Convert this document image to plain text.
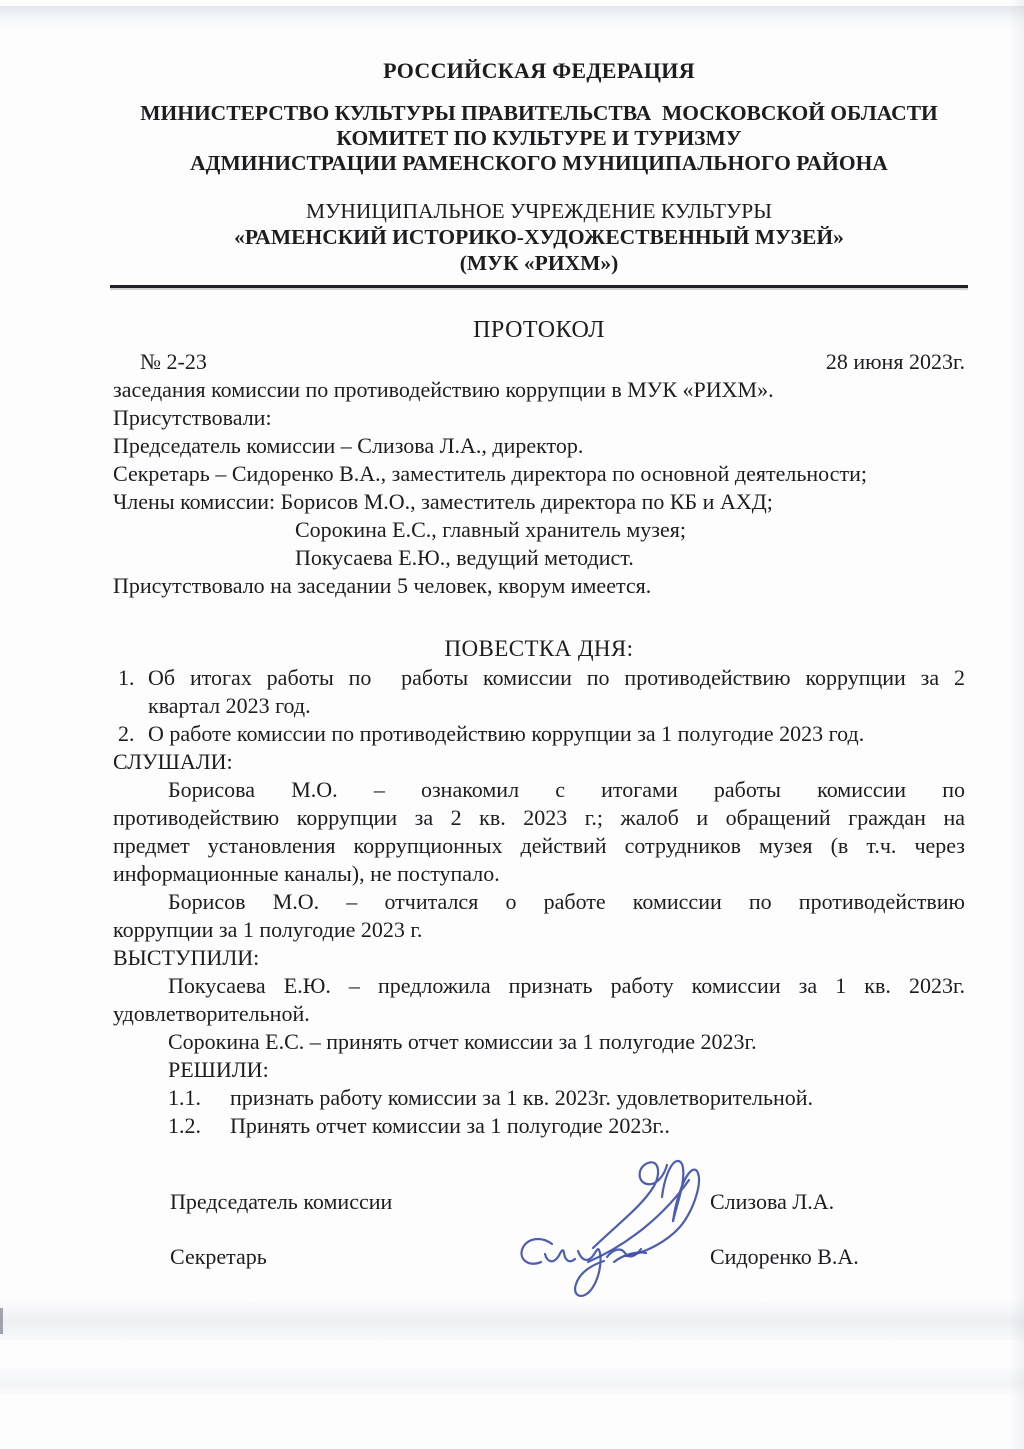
РОССИЙСКАЯ ФЕДЕРАЦИЯ
МИНИСТЕРСТВО КУЛЬТУРЫ ПРАВИТЕЛЬСТВА  МОСКОВСКОЙ ОБЛАСТИ
КОМИТЕТ ПО КУЛЬТУРЕ И ТУРИЗМУ
АДМИНИСТРАЦИИ РАМЕНСКОГО МУНИЦИПАЛЬНОГО РАЙОНА
МУНИЦИПАЛЬНОЕ УЧРЕЖДЕНИЕ КУЛЬТУРЫ
«РАМЕНСКИЙ ИСТОРИКО-ХУДОЖЕСТВЕННЫЙ МУЗЕЙ»
(МУК «РИХМ»)
ПРОТОКОЛ
№ 2-23	28 июня 2023г.
заседания комиссии по противодействию коррупции в МУК «РИХМ».
Присутствовали:
Председатель комиссии – Слизова Л.А., директор.
Секретарь – Сидоренко В.А., заместитель директора по основной деятельности;
Члены комиссии: Борисов М.О., заместитель директора по КБ и АХД;
Сорокина Е.С., главный хранитель музея;
Покусаева Е.Ю., ведущий методист.
Присутствовало на заседании 5 человек, кворум имеется.
ПОВЕСТКА ДНЯ:
1. Об итогах работы по  работы комиссии по противодействию коррупции за 2
квартал 2023 год.
2. О работе комиссии по противодействию коррупции за 1 полугодие 2023 год.
СЛУШАЛИ:
Борисова М.О. – ознакомил с итогами работы комиссии по
противодействию коррупции за 2 кв. 2023 г.; жалоб и обращений граждан на
предмет установления коррупционных действий сотрудников музея (в т.ч. через
информационные каналы), не поступало.
Борисов М.О. – отчитался о работе комиссии по противодействию
коррупции за 1 полугодие 2023 г.
ВЫСТУПИЛИ:
Покусаева Е.Ю. – предложила признать работу комиссии за 1 кв. 2023г.
удовлетворительной.
Сорокина Е.С. – принять отчет комиссии за 1 полугодие 2023г.
РЕШИЛИ:
1.1.	признать работу комиссии за 1 кв. 2023г. удовлетворительной.
1.2.	Принять отчет комиссии за 1 полугодие 2023г..
Председатель комиссии	Слизова Л.А.
Секретарь	Сидоренко В.А.
